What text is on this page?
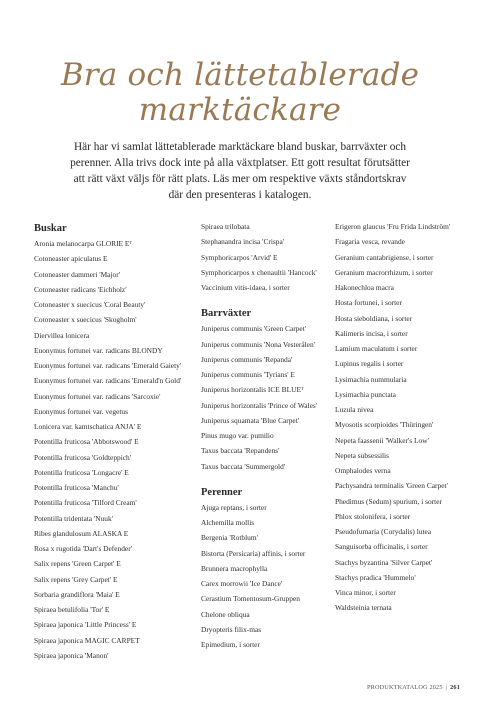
Bra och lättetablerade
marktäckare
Här har vi samlat lättetablerade marktäckare bland buskar, barrväxter och perenner. Alla trivs dock inte på alla växtplatser. Ett gott resultat förutsätter att rätt växt väljs för rätt plats. Läs mer om respektive växts ståndortskrav där den presenteras i katalogen.
Buskar
Aronia melanocarpa GLORIE Eᵀ
Cotoneaster apiculatus E
Cotoneaster dammeri 'Major'
Cotoneaster radicans 'Eichholz'
Cotoneaster x suecicus 'Coral Beauty'
Cotoneaster x suecicus 'Skogholm'
Diervillea lonicera
Euonymus fortunei var. radicans BLONDY
Euonymus fortunei var. radicans 'Emerald Gaiety'
Euonymus fortunei var. radicans 'Emerald'n Gold'
Euonymus fortunei var. radicans 'Sarcoxie'
Euonymus fortunei var. vegetus
Lonicera var. kamtschatica ANJA' E
Potentilla fruticosa 'Abbotswood' E
Potentilla fruticosa 'Goldteppich'
Potentilla fruticosa 'Longacre' E
Potentilla fruticosa 'Manchu'
Potentilla fruticosa 'Tilford Cream'
Potentilla tridentata 'Nuuk'
Ribes glandulosum ALASKA E
Rosa x rugotida 'Dart's Defender'
Salix repens 'Green Carpet' E
Salix repens 'Grey Carpet' E
Sorbaria grandiflora 'Maia' E
Spiraea betulifolia 'Tor' E
Spiraea japonica 'Little Princess' E
Spiraea japonica MAGIC CARPET
Spiraea japonica 'Manon'
Spiraea trilobata
Stephanandra incisa 'Crispa'
Symphoricarpos 'Arvid' E
Symphoricarpos x chenaultii 'Hancock'
Vaccinium vitis-idaea, i sorter
Barrväxter
Juniperus communis 'Green Carpet'
Juniperus communis 'Nona Vesterålen'
Juniperus communis 'Repanda'
Juniperus communis 'Tyrians' E
Juniperus horizontalis ICE BLUEᵀ
Juniperus horizontalis 'Prince of Wales'
Juniperus squamata 'Blue Carpet'
Pinus mugo var. pumilio
Taxus baccata 'Repandens'
Taxus baccata 'Summergold'
Perenner
Ajuga reptans, i sorter
Alchemilla mollis
Bergenia 'Rotblum'
Bistorta (Persicaria) affinis, i sorter
Brunnera macrophylla
Carex morrowii 'Ice Dance'
Cerastium Tomentosum-Gruppen
Chelone obliqua
Dryopteris filix-mas
Epimedium, i sorter
Erigeron glaucus 'Fru Frida Lindström'
Fragaria vesca, revande
Geranium cantabrigiense, i sorter
Geranium macrorrhizum, i sorter
Hakonechloa macra
Hosta fortunei, i sorter
Hosta sieboldiana, i sorter
Kalimeris incisa, i sorter
Lamium maculatum i sorter
Lupinus regalis i sorter
Lysimachia nummularia
Lysimachia punctata
Luzula nivea
Myosotis scorpioides 'Thüringen'
Nepeta faassenii 'Walker's Low'
Nepeta subsessilis
Omphalodes verna
Pachysandra terminalis 'Green Carpet'
Phedimus (Sedum) spurium, i sorter
Phlox stolonifera, i sorter
Pseudofumaria (Corydalis) lutea
Sanguisorba officinalis, i sorter
Stachys byzantina 'Silver Carpet'
Stachys pradica 'Hummelo'
Vinca minor, i sorter
Waldsteinia ternata
PRODUKTKATALOG 2025 | 261
